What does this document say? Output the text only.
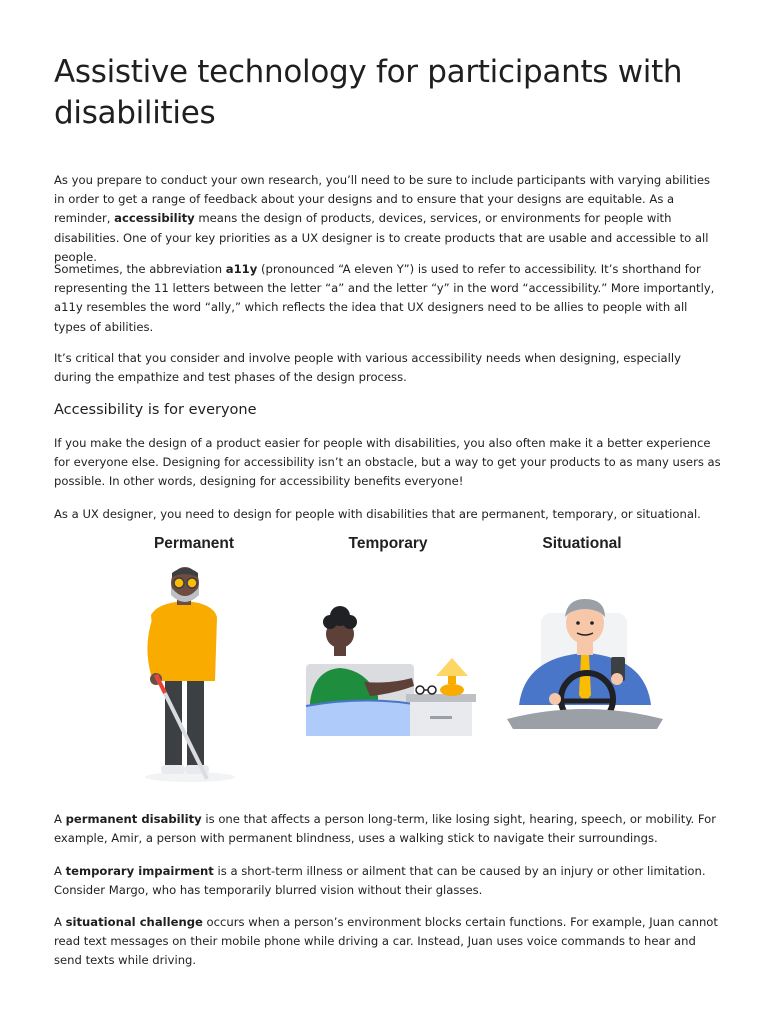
Assistive technology for participants with disabilities

As you prepare to conduct your own research, you’ll need to be sure to include participants with varying abilities in order to get a range of feedback about your designs and to ensure that your designs are equitable. As a reminder, accessibility means the design of products, devices, services, or environments for people with disabilities. One of your key priorities as a UX designer is to create products that are usable and accessible to all people.

Sometimes, the abbreviation a11y (pronounced “A eleven Y”) is used to refer to accessibility. It’s shorthand for representing the 11 letters between the letter “a” and the letter “y” in the word “accessibility.” More importantly, a11y resembles the word “ally,” which reflects the idea that UX designers need to be allies to people with all types of abilities.

It’s critical that you consider and involve people with various accessibility needs when designing, especially during the empathize and test phases of the design process.

Accessibility is for everyone

If you make the design of a product easier for people with disabilities, you also often make it a better experience for everyone else. Designing for accessibility isn’t an obstacle, but a way to get your products to as many users as possible. In other words, designing for accessibility benefits everyone!

As a UX designer, you need to design for people with disabilities that are permanent, temporary, or situational.

A permanent disability is one that affects a person long-term, like losing sight, hearing, speech, or mobility. For example, Amir, a person with permanent blindness, uses a walking stick to navigate their surroundings.

A temporary impairment is a short-term illness or ailment that can be caused by an injury or other limitation. Consider Margo, who has temporarily blurred vision without their glasses.

A situational challenge occurs when a person’s environment blocks certain functions. For example, Juan cannot read text messages on their mobile phone while driving a car. Instead, Juan uses voice commands to hear and send texts while driving.

Permanent	Temporary	Situational
